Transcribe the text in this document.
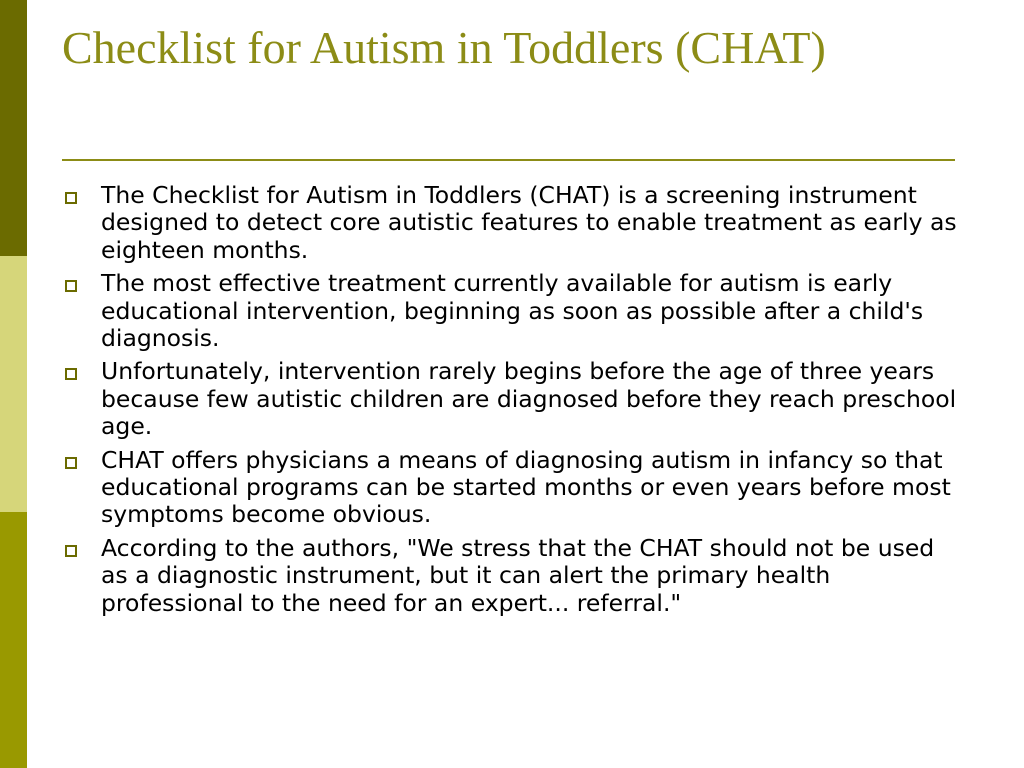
Checklist for Autism in Toddlers (CHAT)
The Checklist for Autism in Toddlers (CHAT) is a screening instrument designed to detect core autistic features to enable treatment as early as eighteen months.
The most effective treatment currently available for autism is early educational intervention, beginning as soon as possible after a child's diagnosis.
Unfortunately, intervention rarely begins before the age of three years because few autistic children are diagnosed before they reach preschool age.
CHAT offers physicians a means of diagnosing autism in infancy so that educational programs can be started months or even years before most symptoms become obvious.
According to the authors, "We stress that the CHAT should not be used as a diagnostic instrument, but it can alert the primary health professional to the need for an expert... referral."
